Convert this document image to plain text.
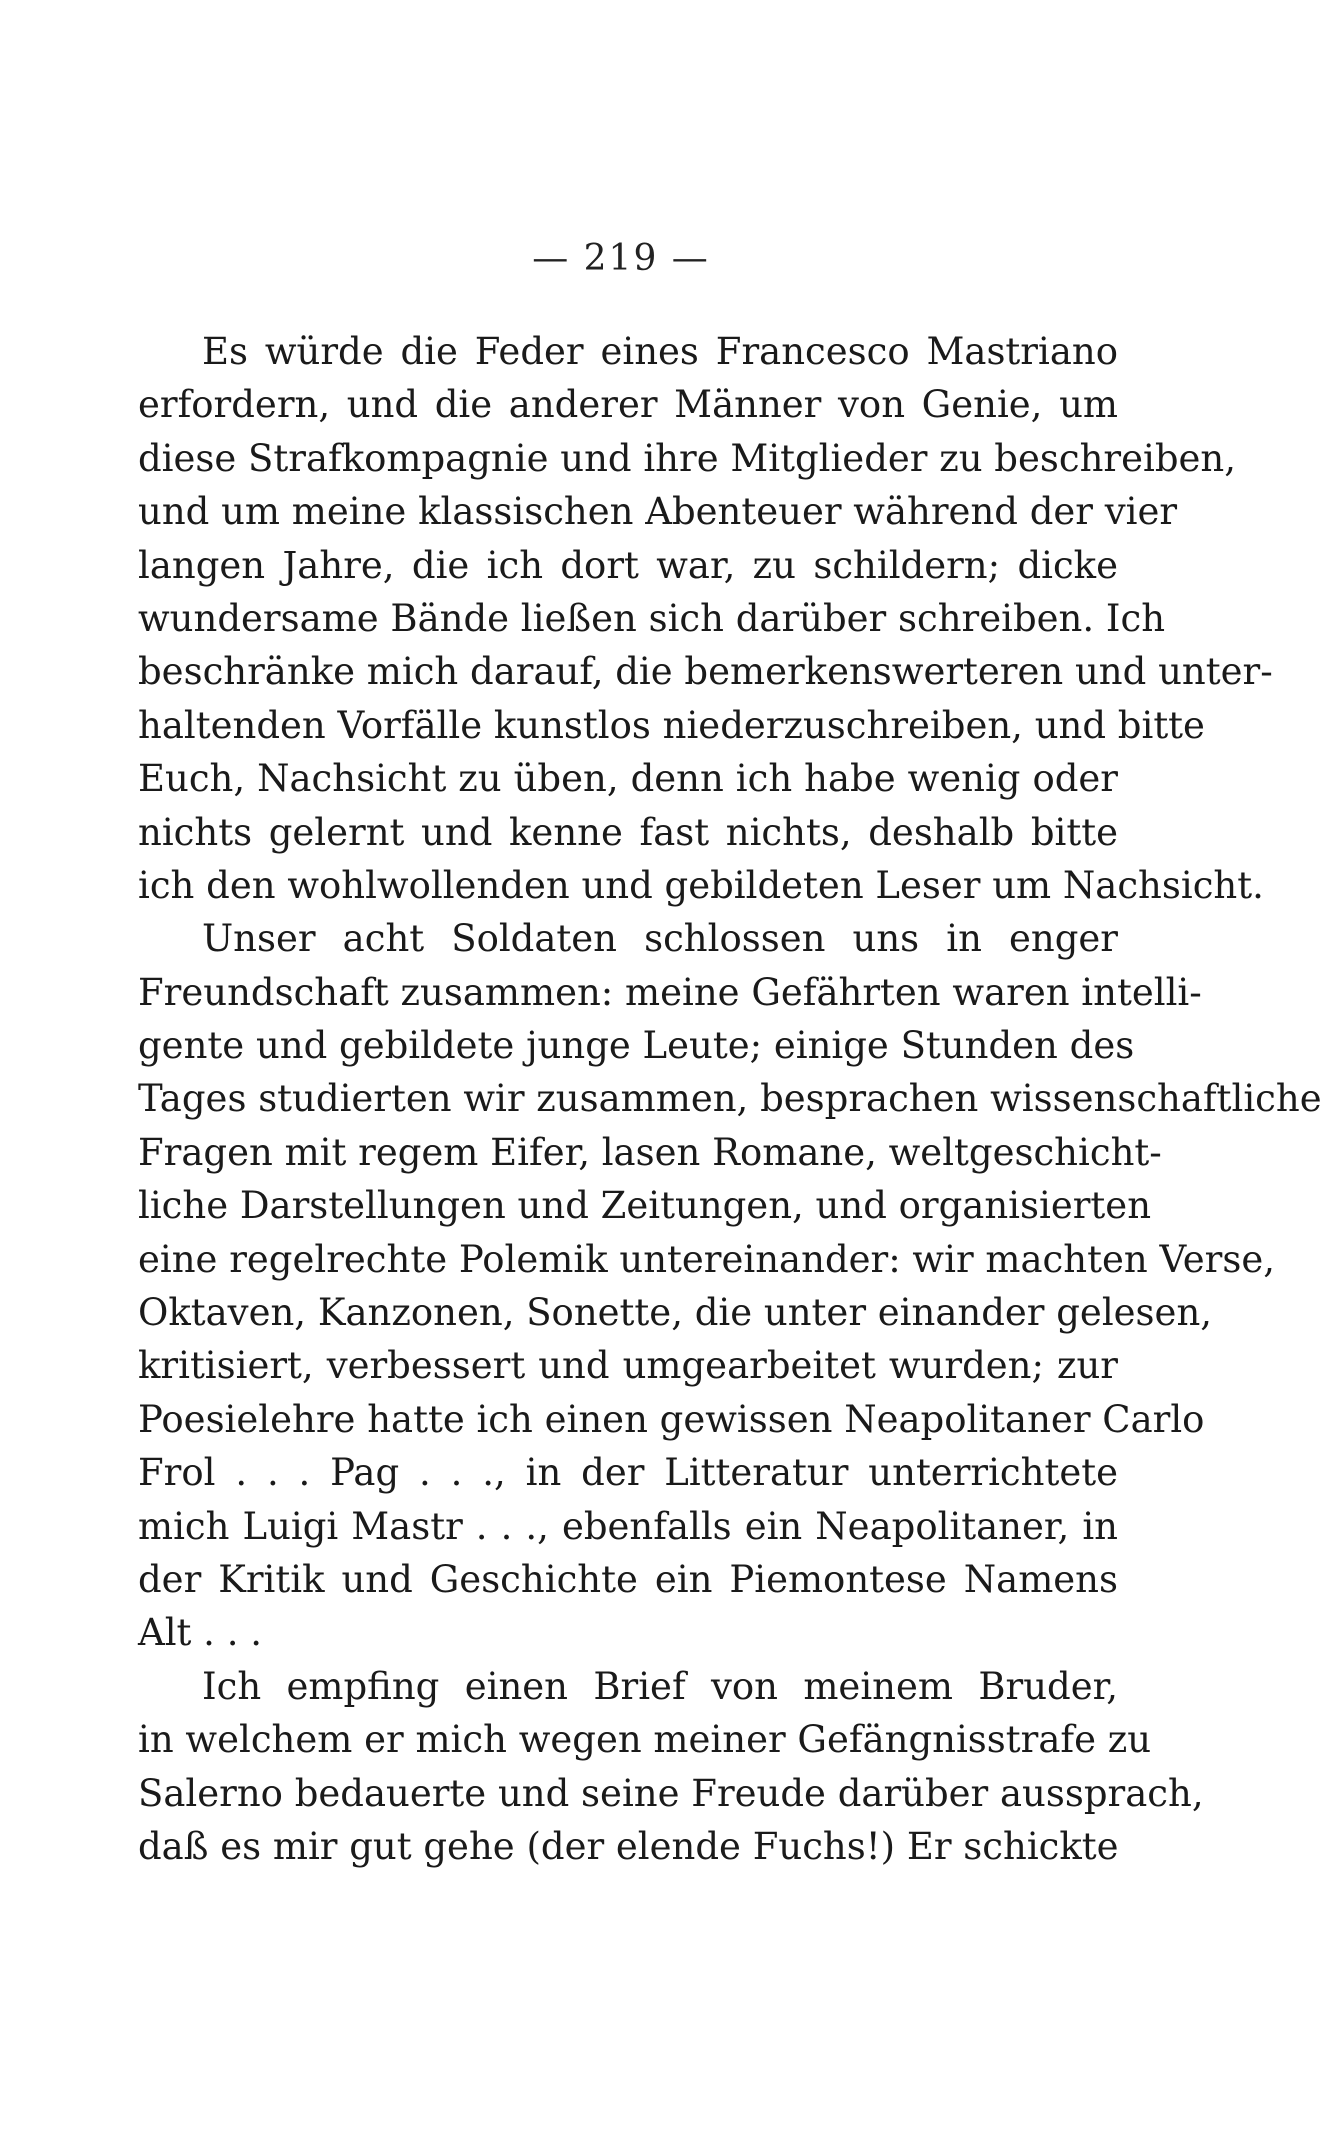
— 219 —
Es würde die Feder eines Francesco Mastriano
erfordern, und die anderer Männer von Genie, um
diese Strafkompagnie und ihre Mitglieder zu beschreiben,
und um meine klassischen Abenteuer während der vier
langen Jahre, die ich dort war, zu schildern; dicke
wundersame Bände ließen sich darüber schreiben. Ich
beschränke mich darauf, die bemerkenswerteren und unter-
haltenden Vorfälle kunstlos niederzuschreiben, und bitte
Euch, Nachsicht zu üben, denn ich habe wenig oder
nichts gelernt und kenne fast nichts, deshalb bitte
ich den wohlwollenden und gebildeten Leser um Nachsicht.
Unser acht Soldaten schlossen uns in enger
Freundschaft zusammen: meine Gefährten waren intelli-
gente und gebildete junge Leute; einige Stunden des
Tages studierten wir zusammen, besprachen wissenschaftliche
Fragen mit regem Eifer, lasen Romane, weltgeschicht-
liche Darstellungen und Zeitungen, und organisierten
eine regelrechte Polemik untereinander: wir machten Verse,
Oktaven, Kanzonen, Sonette, die unter einander gelesen,
kritisiert, verbessert und umgearbeitet wurden; zur
Poesielehre hatte ich einen gewissen Neapolitaner Carlo
Frol . . . Pag . . ., in der Litteratur unterrichtete
mich Luigi Mastr . . ., ebenfalls ein Neapolitaner, in
der Kritik und Geschichte ein Piemontese Namens
Alt . . .
Ich empfing einen Brief von meinem Bruder,
in welchem er mich wegen meiner Gefängnisstrafe zu
Salerno bedauerte und seine Freude darüber aussprach,
daß es mir gut gehe (der elende Fuchs!) Er schickte
